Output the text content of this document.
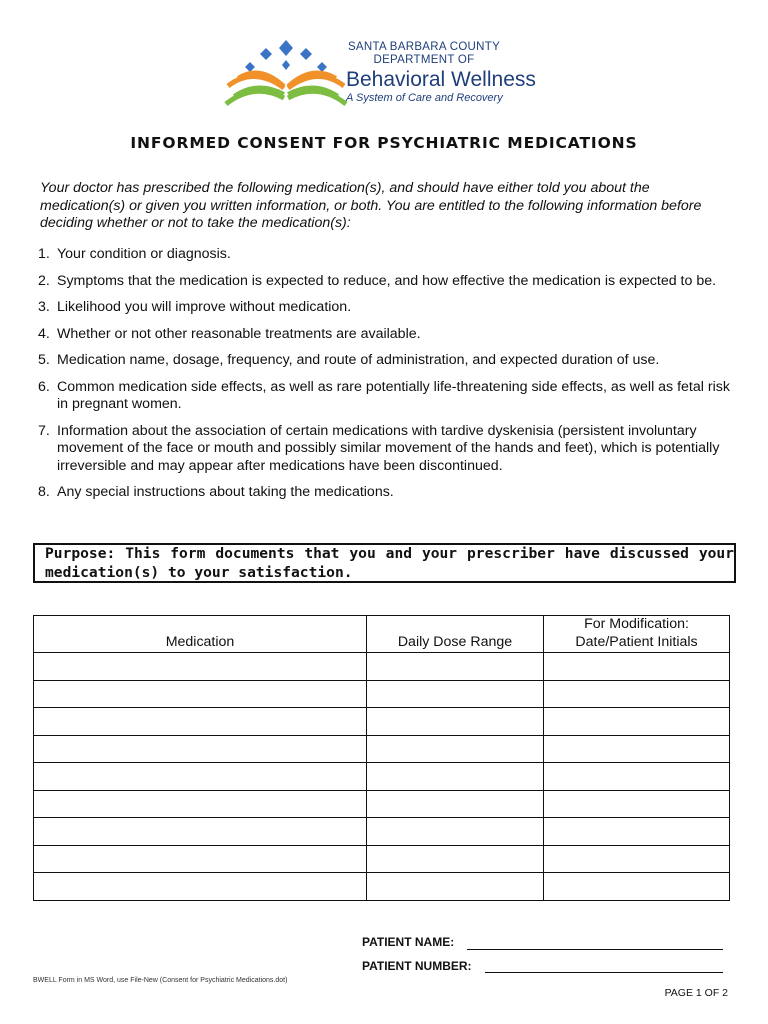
SANTA BARBARA COUNTY
DEPARTMENT OF
Behavioral Wellness
A System of Care and Recovery
INFORMED CONSENT FOR PSYCHIATRIC MEDICATIONS
Your doctor has prescribed the following medication(s), and should have either told you about the medication(s) or given you written information, or both. You are entitled to the following information before deciding whether or not to take the medication(s):
1. Your condition or diagnosis.
2. Symptoms that the medication is expected to reduce, and how effective the medication is expected to be.
3. Likelihood you will improve without medication.
4. Whether or not other reasonable treatments are available.
5. Medication name, dosage, frequency, and route of administration, and expected duration of use.
6. Common medication side effects, as well as rare potentially life-threatening side effects, as well as fetal risk in pregnant women.
7. Information about the association of certain medications with tardive dyskenisia (persistent involuntary movement of the face or mouth and possibly similar movement of the hands and feet), which is potentially irreversible and may appear after medications have been discontinued.
8. Any special instructions about taking the medications.
Purpose: This form documents that you and your prescriber have discussed your medication(s) to your satisfaction.
Medication	Daily Dose Range	For Modification:
Date/Patient Initials

PATIENT NAME:
PATIENT NUMBER:
BWELL Form in MS Word, use File-New (Consent for Psychiatric Medications.dot)
PAGE 1 OF 2
